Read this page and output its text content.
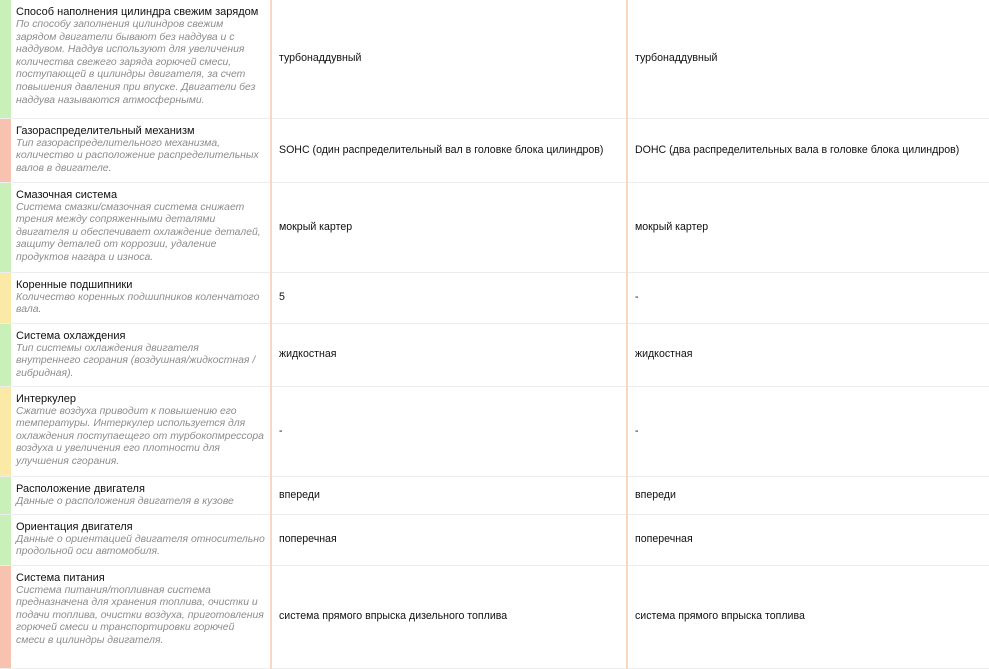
	Способ наполнения цилиндра свежим зарядом
По способу заполнения цилиндров свежим зарядом двигатели бывают без наддува и с наддувом. Наддув используют для увеличения количества свежего заряда горючей смеси, поступающей в цилиндры двигателя, за счет повышения давления при впуске. Двигатели без наддува называются атмосферными.	турбонаддувный	турбонаддувный

	Газораспределительный механизм
Тип газораспределительного механизма, количество и расположение распределительных валов в двигателе.	SOHC (один распределительный вал в головке блока цилиндров)	DOHC (два распределительных вала в головке блока цилиндров)

	Смазочная система
Система смазки/смазочная система снижает трения между сопряженными деталями двигателя и обеспечивает охлаждение деталей, защиту деталей от коррозии, удаление продуктов нагара и износа.	мокрый картер	мокрый картер

	Коренные подшипники
Количество коренных подшипников коленчатого вала.	5	-

	Система охлаждения
Тип системы охлаждения двигателя внутреннего сгорания (воздушная/жидкостная /гибридная).	жидкостная	жидкостная

	Интеркулер
Сжатие воздуха приводит к повышению его температуры. Интеркулер используется для охлаждения поступаещего от турбокопмрессора воздуха и увеличения его плотности для улучшения сгорания.	-	-

	Расположение двигателя
Данные о расположения двигателя в кузове	впереди	впереди

	Ориентация двигателя
Данные о ориентацией двигателя относительно продольной оси автомобиля.	поперечная	поперечная

	Система питания
Система питания/топливная система предназначена для хранения топлива, очистки и подачи топлива, очистки воздуха, приготовления горючей смеси и транспортировки горючей смеси в цилиндры двигателя.	система прямого впрыска дизельного топлива	система прямого впрыска топлива
